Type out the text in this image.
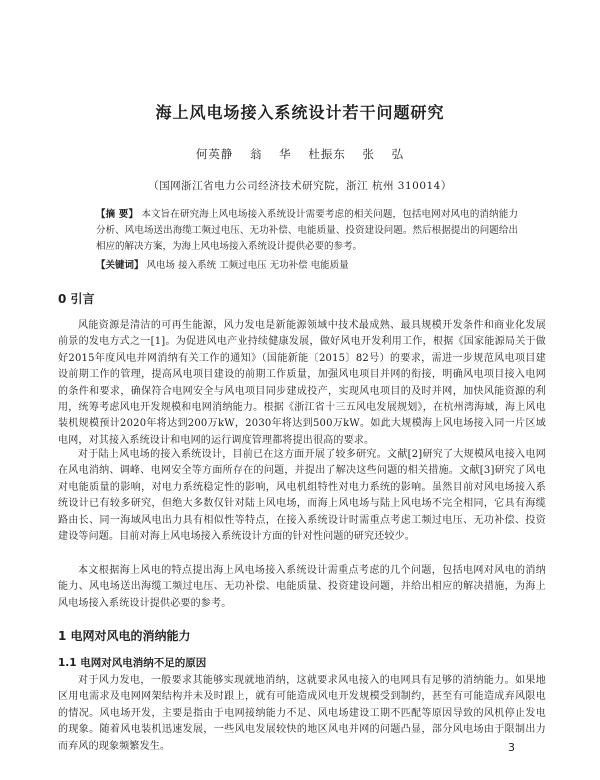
海上风电场接入系统设计若干问题研究
何英静 翁 华 杜振东 张 弘
（国网浙江省电力公司经济技术研究院，浙江 杭州 310014）
【摘 要】 本文旨在研究海上风电场接入系统设计需要考虑的相关问题，包括电网对风电的消纳能力分析、风电场送出海缆工频过电压、无功补偿、电能质量、投资建设问题。然后根据提出的问题给出相应的解决方案，为海上风电场接入系统设计提供必要的参考。
【关键词】 风电场 接入系统 工频过电压 无功补偿 电能质量
0 引言
风能资源是清洁的可再生能源，风力发电是新能源领域中技术最成熟、最具规模开发条件和商业化发展前景的发电方式之一[1]。为促进风电产业持续健康发展，做好风电开发利用工作，根据《国家能源局关于做好2015年度风电并网消纳有关工作的通知》（国能新能〔2015〕82号）的要求，需进一步规范风电项目建设前期工作的管理，提高风电项目建设的前期工作质量，加强风电项目并网的衔接，明确风电项目接入电网的条件和要求，确保符合电网安全与风电项目同步建成投产，实现风电项目的及时并网，加快风能资源的利用，统筹考虑风电开发规模和电网消纳能力。根据《浙江省十三五风电发展规划》，在杭州湾海域，海上风电装机规模预计2020年将达到200万kW，2030年将达到500万kW。如此大规模海上风电场接入同一片区域电网，对其接入系统设计和电网的运行调度管理都将提出很高的要求。
对于陆上风电场的接入系统设计，目前已在这方面开展了较多研究。文献[2]研究了大规模风电接入电网在风电消纳、调峰、电网安全等方面所存在的问题，并提出了解决这些问题的相关措施。文献[3]研究了风电对电能质量的影响，对电力系统稳定性的影响，风电机组特性对电力系统的影响。虽然目前对风电场接入系统设计已有较多研究，但绝大多数仅针对陆上风电场，而海上风电场与陆上风电场不完全相同，它具有海缆路由长、同一海域风电出力具有相似性等特点，在接入系统设计时需重点考虑工频过电压、无功补偿、投资建设等问题。目前对海上风电场接入系统设计方面的针对性问题的研究还较少。
本文根据海上风电的特点提出海上风电场接入系统设计需重点考虑的几个问题，包括电网对风电的消纳能力、风电场送出海缆工频过电压、无功补偿、电能质量、投资建设问题，并给出相应的解决措施，为海上风电场接入系统设计提供必要的参考。
1 电网对风电的消纳能力
1.1 电网对风电消纳不足的原因
对于风力发电，一般要求其能够实现就地消纳，这就要求风电接入的电网具有足够的消纳能力。如果地区用电需求及电网网架结构并未及时跟上，就有可能造成风电开发规模受到制约，甚至有可能造成弃风限电的情况。风电场开发，主要是指由于电网接纳能力不足、风电场建设工期不匹配等原因导致的风机停止发电的现象。随着风电装机迅速发展，一些风电发展较快的地区风电并网的问题凸显，部分风电场由于限制出力而弃风的现象频繁发生。	3
